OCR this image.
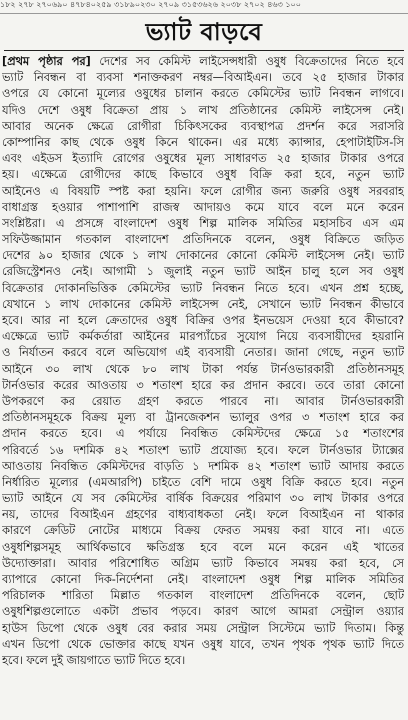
১৮২ ২৭৮ ২৭০৬৯০ ৪৭৮৪০২৫৯ ৩১৮৯০২৩০ ২৭০৯ ৩১৫৩৬২৬ ২০৩৮ ২৭০২ ৪৬৩ ১০০
ভ্যাট বাড়বে
[প্রথম পৃষ্ঠার পর] দেশের সব কেমিস্ট লাইসেন্সধারী ওষুধ বিক্রেতাদের নিতে হবে
ভ্যাট নিবন্ধন বা ব্যবসা শনাক্তকরণ নম্বর—বিআইএন। তবে ২৫ হাজার টাকার
ওপরে যে কোনো মূল্যের ওষুধের চালান করতে কেমিস্টের ভ্যাট নিবন্ধন লাগবে।
যদিও দেশে ওষুধ বিক্রেতা প্রায় ১ লাখ প্রতিষ্ঠানের কেমিস্ট লাইসেন্স নেই।
আবার অনেক ক্ষেত্রে রোগীরা চিকিৎসকের ব্যবস্থাপত্র প্রদর্শন করে সরাসরি
কোম্পানির কাছ থেকে ওষুধ কিনে থাকেন। এর মধ্যে ক্যান্সার, হেপাটাইটিস-সি
এবং এইডস ইত্যাদি রোগের ওষুধের মূল্য সাধারণত ২৫ হাজার টাকার ওপরে
হয়। এক্ষেত্রে রোগীদের কাছে কিভাবে ওষুধ বিক্রি করা হবে, নতুন ভ্যাট
আইনেও এ বিষয়টি স্পষ্ট করা হয়নি। ফলে রোগীর জন্য জরুরি ওষুধ সরবরাহ
বাধাগ্রস্ত হওয়ার পাশাপাশি রাজস্ব আদায়ও কমে যাবে বলে মনে করেন
সংশ্লিষ্টরা। এ প্রসঙ্গে বাংলাদেশ ওষুধ শিল্প মালিক সমিতির মহাসচিব এস এম
সফিউজ্জামান গতকাল বাংলাদেশ প্রতিদিনকে বলেন, ওষুধ বিক্রিতে জড়িত
দেশের ৯০ হাজার থেকে ১ লাখ দোকানের কোনো কেমিস্ট লাইসেন্স নেই। ভ্যাট
রেজিস্ট্রেশনও নেই। আগামী ১ জুলাই নতুন ভ্যাট আইন চালু হলে সব ওষুধ
বিক্রেতার দোকানভিত্তিক কেমিস্টের ভ্যাট নিবন্ধন নিতে হবে। এখন প্রশ্ন হচ্ছে,
যেখানে ১ লাখ দোকানের কেমিস্ট লাইসেন্স নেই, সেখানে ভ্যাট নিবন্ধন কীভাবে
হবে। আর না হলে ক্রেতাদের ওষুধ বিক্রির ওপর ইনভয়েস দেওয়া হবে কীভাবে?
এক্ষেত্রে ভ্যাট কর্মকর্তারা আইনের মারপ্যাঁচের সুযোগ নিয়ে ব্যবসায়ীদের হয়রানি
ও নির্যাতন করবে বলে অভিযোগ এই ব্যবসায়ী নেতার। জানা গেছে, নতুন ভ্যাট
আইনে ৩০ লাখ থেকে ৮০ লাখ টাকা পর্যন্ত টার্নওভারকারী প্রতিষ্ঠানসমূহ
টার্নওভার করের আওতায় ৩ শতাংশ হারে কর প্রদান করবে। তবে তারা কোনো
উপকরণে কর রেয়াত গ্রহণ করতে পারবে না। আবার টার্নওভারকারী
প্রতিষ্ঠানসমূহকে বিক্রয় মূল্য বা ট্রানজেকশন ভ্যালুর ওপর ৩ শতাংশ হারে কর
প্রদান করতে হবে। এ পর্যায়ে নিবন্ধিত কেমিস্টদের ক্ষেত্রে ১৫ শতাংশের
পরিবর্তে ১৬ দশমিক ৪২ শতাংশ ভ্যাট প্রযোজ্য হবে। ফলে টার্নওভার ট্যাক্সের
আওতায় নিবন্ধিত কেমিস্টদের বাড়তি ১ দশমিক ৪২ শতাংশ ভ্যাট আদায় করতে
নির্ধারিত মূল্যের (এমআরপি) চাইতে বেশি দামে ওষুধ বিক্রি করতে হবে। নতুন
ভ্যাট আইনে যে সব কেমিস্টের বার্ষিক বিক্রয়ের পরিমাণ ৩০ লাখ টাকার ওপরে
নয়, তাদের বিআইএন গ্রহণের বাধ্যবাধকতা নেই। ফলে বিআইএন না থাকার
কারণে ক্রেডিট নোটের মাধ্যমে বিক্রয় ফেরত সমন্বয় করা যাবে না। এতে
ওষুধশিল্পসমূহ আর্থিকভাবে ক্ষতিগ্রস্ত হবে বলে মনে করেন এই খাতের
উদ্যোক্তারা। আবার পরিশোধিত অগ্রিম ভ্যাট কিভাবে সমন্বয় করা হবে, সে
ব্যাপারে কোনো দিক-নির্দেশনা নেই। বাংলাদেশ ওষুধ শিল্প মালিক সমিতির
পরিচালক শারিতা মিল্লাত গতকাল বাংলাদেশ প্রতিদিনকে বলেন, ছোট
ওষুধশিল্পগুলোতে একটা প্রভাব পড়বে। কারণ আগে আমরা সেন্ট্রাল ওয়্যার
হাউস ডিপো থেকে ওষুধ বের করার সময় সেন্ট্রাল সিস্টেমে ভ্যাট দিতাম। কিন্তু
এখন ডিপো থেকে ভোক্তার কাছে যখন ওষুধ যাবে, তখন পৃথক পৃথক ভ্যাট দিতে
হবে। ফলে দুই জায়গাতে ভ্যাট দিতে হবে।
